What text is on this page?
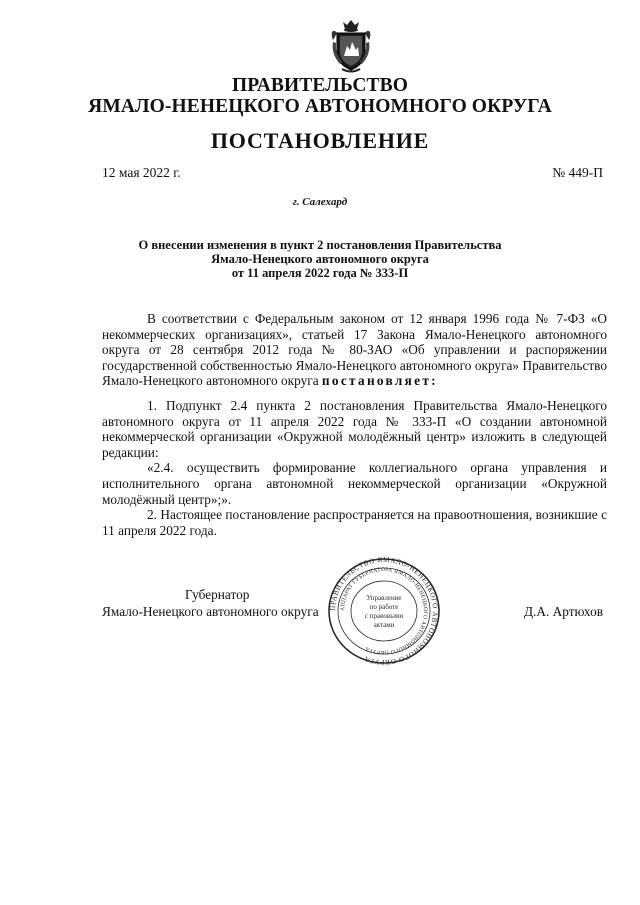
ПРАВИТЕЛЬСТВО
ЯМАЛО-НЕНЕЦКОГО АВТОНОМНОГО ОКРУГА
ПОСТАНОВЛЕНИЕ
12 мая 2022 г.	№ 449-П
г. Салехард
О внесении изменения в пункт 2 постановления Правительства
Ямало-Ненецкого автономного округа
от 11 апреля 2022 года № 333-П

В соответствии с Федеральным законом от 12 января 1996 года № 7-ФЗ «О некоммерческих организациях», статьей 17 Закона Ямало-Ненецкого автономного округа от 28 сентября 2012 года № 80-ЗАО «Об управлении и распоряжении государственной собственностью Ямало-Ненецкого автономного округа» Правительство Ямало-Ненецкого автономного округа постановляет:

1. Подпункт 2.4 пункта 2 постановления Правительства Ямало-Ненецкого автономного округа от 11 апреля 2022 года № 333-П «О создании автономной некоммерческой организации «Окружной молодёжный центр» изложить в следующей редакции:

«2.4. осуществить формирование коллегиального органа управления и исполнительного органа автономной некоммерческой организации «Окружной молодёжный центр»;».

2. Настоящее постановление распространяется на правоотношения, возникшие с 11 апреля 2022 года.

Губернатор
Ямало-Ненецкого автономного округа	Д.А. Артюхов
ПРАВИТЕЛЬСТВО ЯМАЛО-НЕНЕЦКОГО АВТОНОМНОГО ОКРУГА
АППАРАТ ГУБЕРНАТОРА ЯМАЛО-НЕНЕЦКОГО АВТОНОМНОГО ОКРУГА
Управление
по работе
с правовыми
актами
